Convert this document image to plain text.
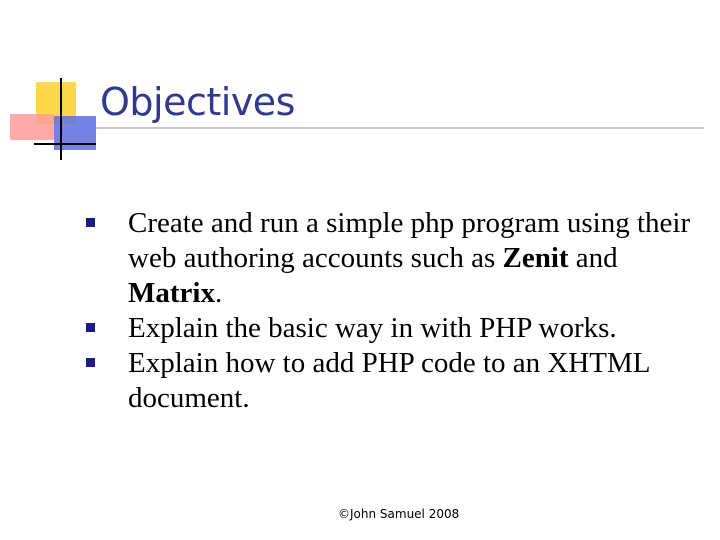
Objectives
Create and run a simple php program using their web authoring accounts such as Zenit and Matrix.
Explain the basic way in with PHP works.
Explain how to add PHP code to an XHTML document.
©John Samuel 2008
